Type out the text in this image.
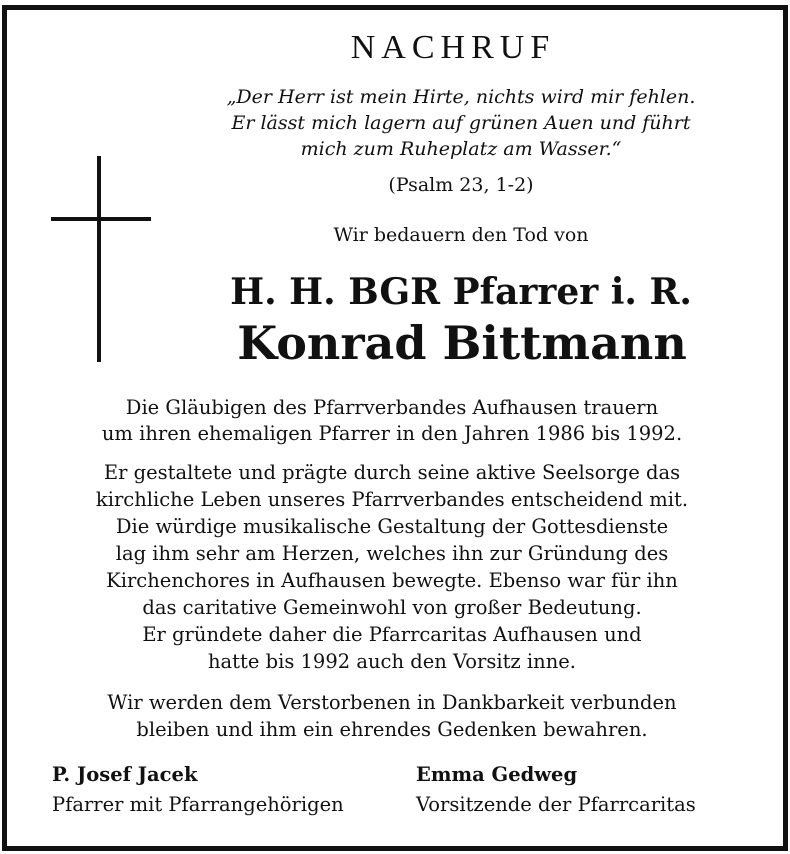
NACHRUF
„Der Herr ist mein Hirte, nichts wird mir fehlen.
Er lässt mich lagern auf grünen Auen und führt
mich zum Ruheplatz am Wasser.“
(Psalm 23, 1-2)
Wir bedauern den Tod von
H. H. BGR Pfarrer i. R.
Konrad Bittmann
Die Gläubigen des Pfarrverbandes Aufhausen trauern
um ihren ehemaligen Pfarrer in den Jahren 1986 bis 1992.
Er gestaltete und prägte durch seine aktive Seelsorge das
kirchliche Leben unseres Pfarrverbandes entscheidend mit.
Die würdige musikalische Gestaltung der Gottesdienste
lag ihm sehr am Herzen, welches ihn zur Gründung des
Kirchenchores in Aufhausen bewegte. Ebenso war für ihn
das caritative Gemeinwohl von großer Bedeutung.
Er gründete daher die Pfarrcaritas Aufhausen und
hatte bis 1992 auch den Vorsitz inne.
Wir werden dem Verstorbenen in Dankbarkeit verbunden
bleiben und ihm ein ehrendes Gedenken bewahren.
P. Josef Jacek
Pfarrer mit Pfarrangehörigen
Emma Gedweg
Vorsitzende der Pfarrcaritas
